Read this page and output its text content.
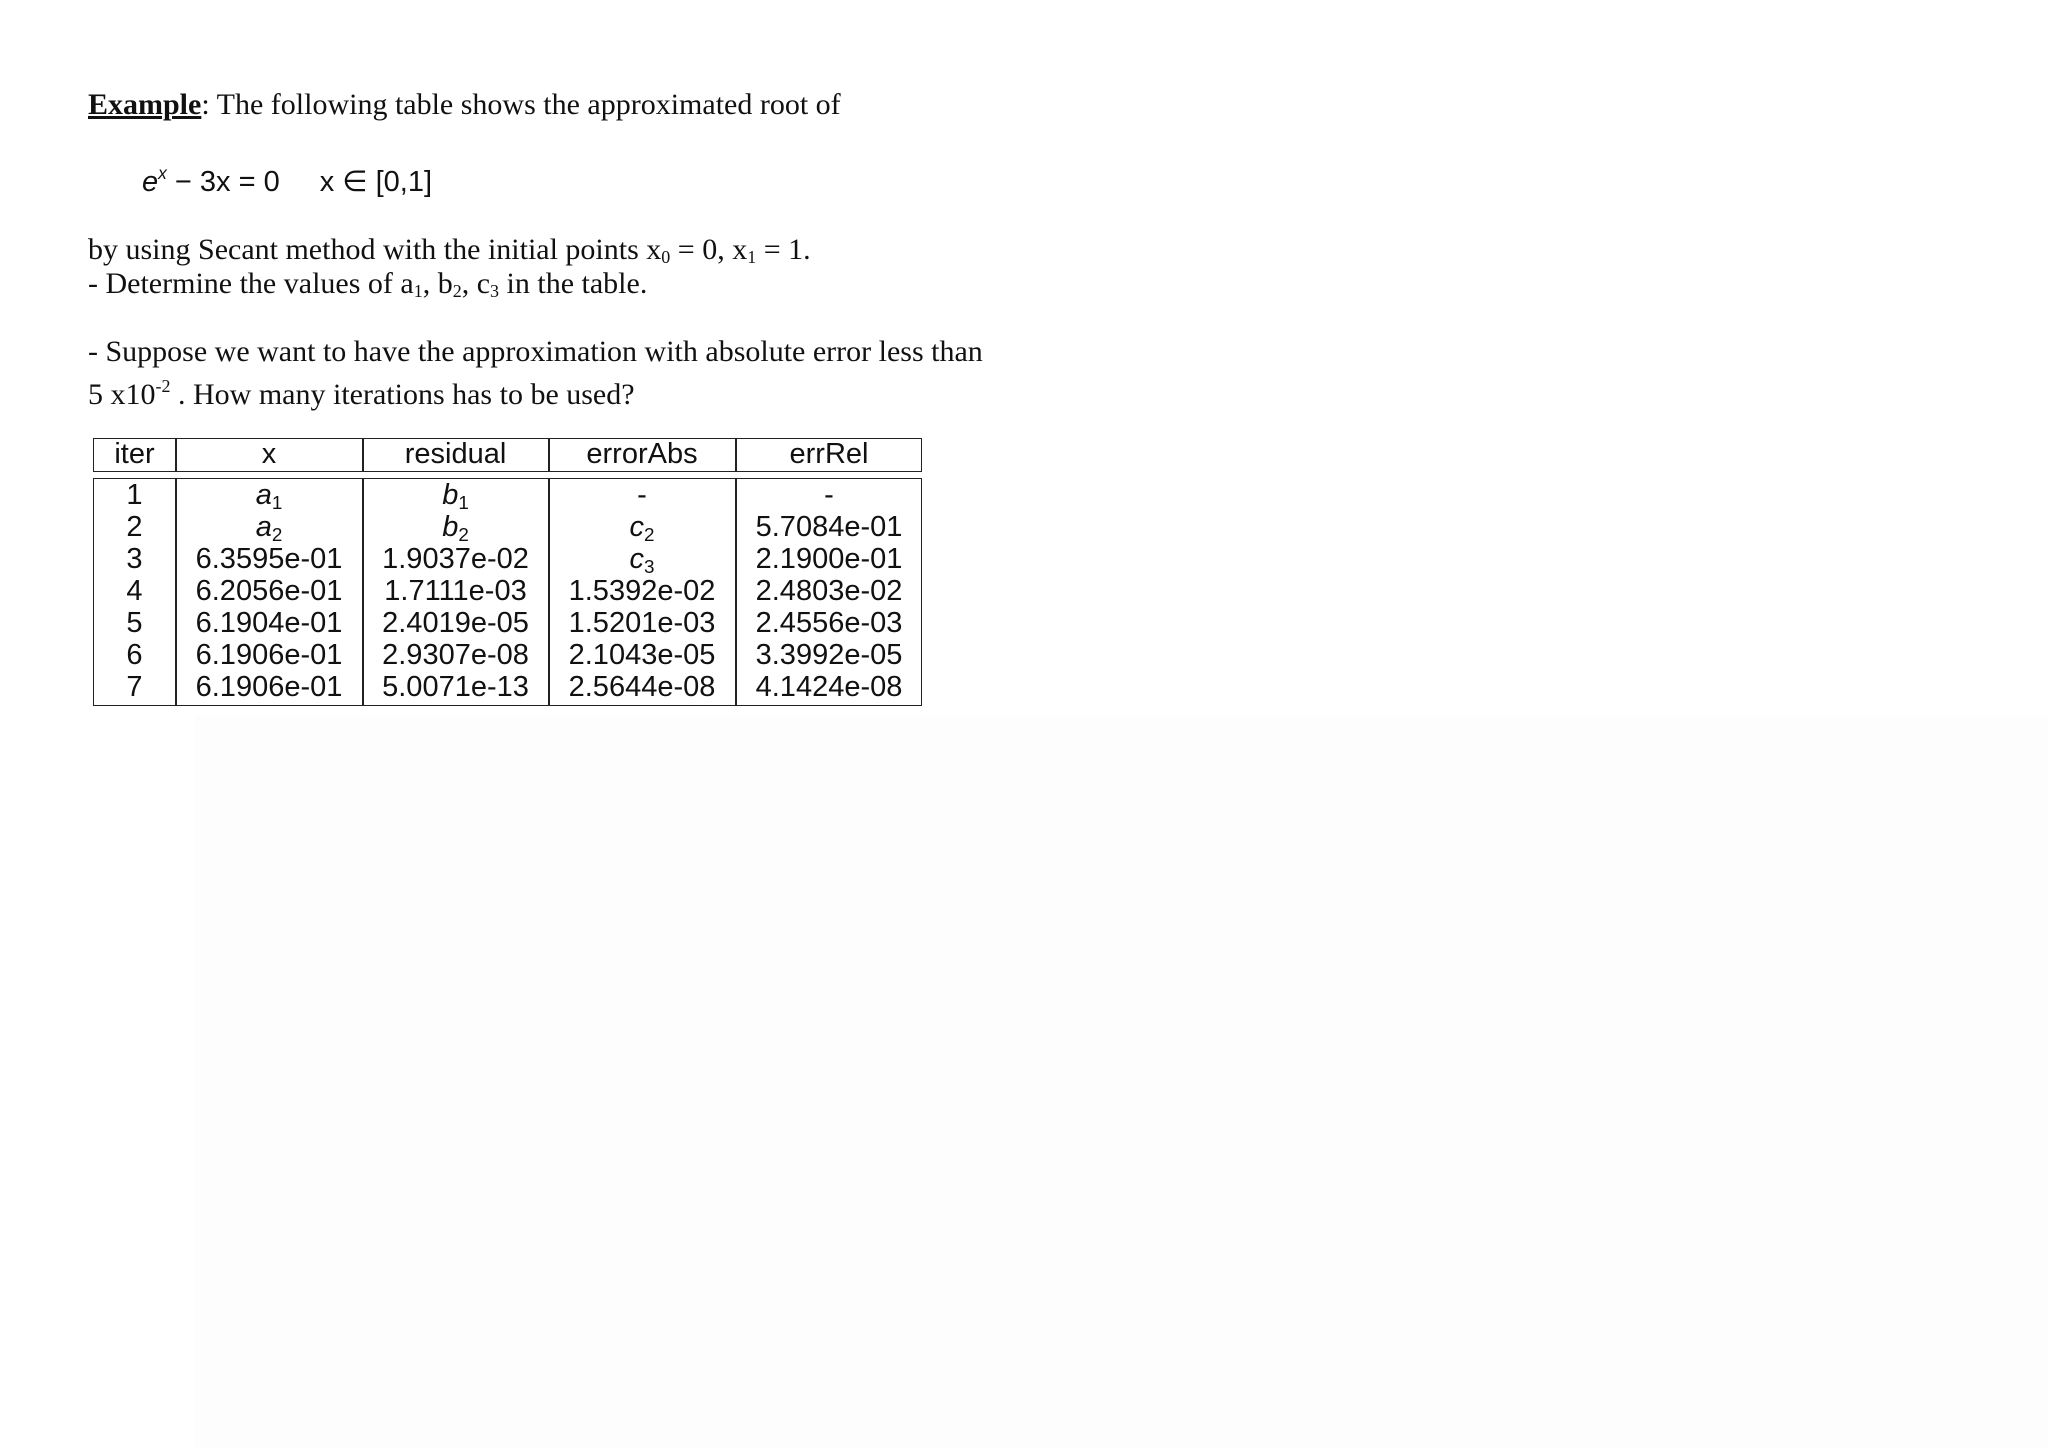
Example: The following table shows the approximated root of
$e^x - 3x = 0$ x ∈ [0,1]
by using Secant method with the initial points $x_0 = 0$, $x_1 = 1$.
- Determine the values of $a_1$, $b_2$, $c_3$ in the table.
- Suppose we want to have the approximation with absolute error less than
5 $x10^{-2}$ . How many iterations has to be used?
iter	x	residual	errorAbs	errRel
1	$a_1$	$b_1$	-	-
2	$a_2$	$b_2$	$c_2$	5.7084e-01
3	6.3595e-01	1.9037e-02	$c_3$	2.1900e-01
4	6.2056e-01	1.7111e-03	1.5392e-02	2.4803e-02
5	6.1904e-01	2.4019e-05	1.5201e-03	2.4556e-03
6	6.1906e-01	2.9307e-08	2.1043e-05	3.3992e-05
7	6.1906e-01	5.0071e-13	2.5644e-08	4.1424e-08
